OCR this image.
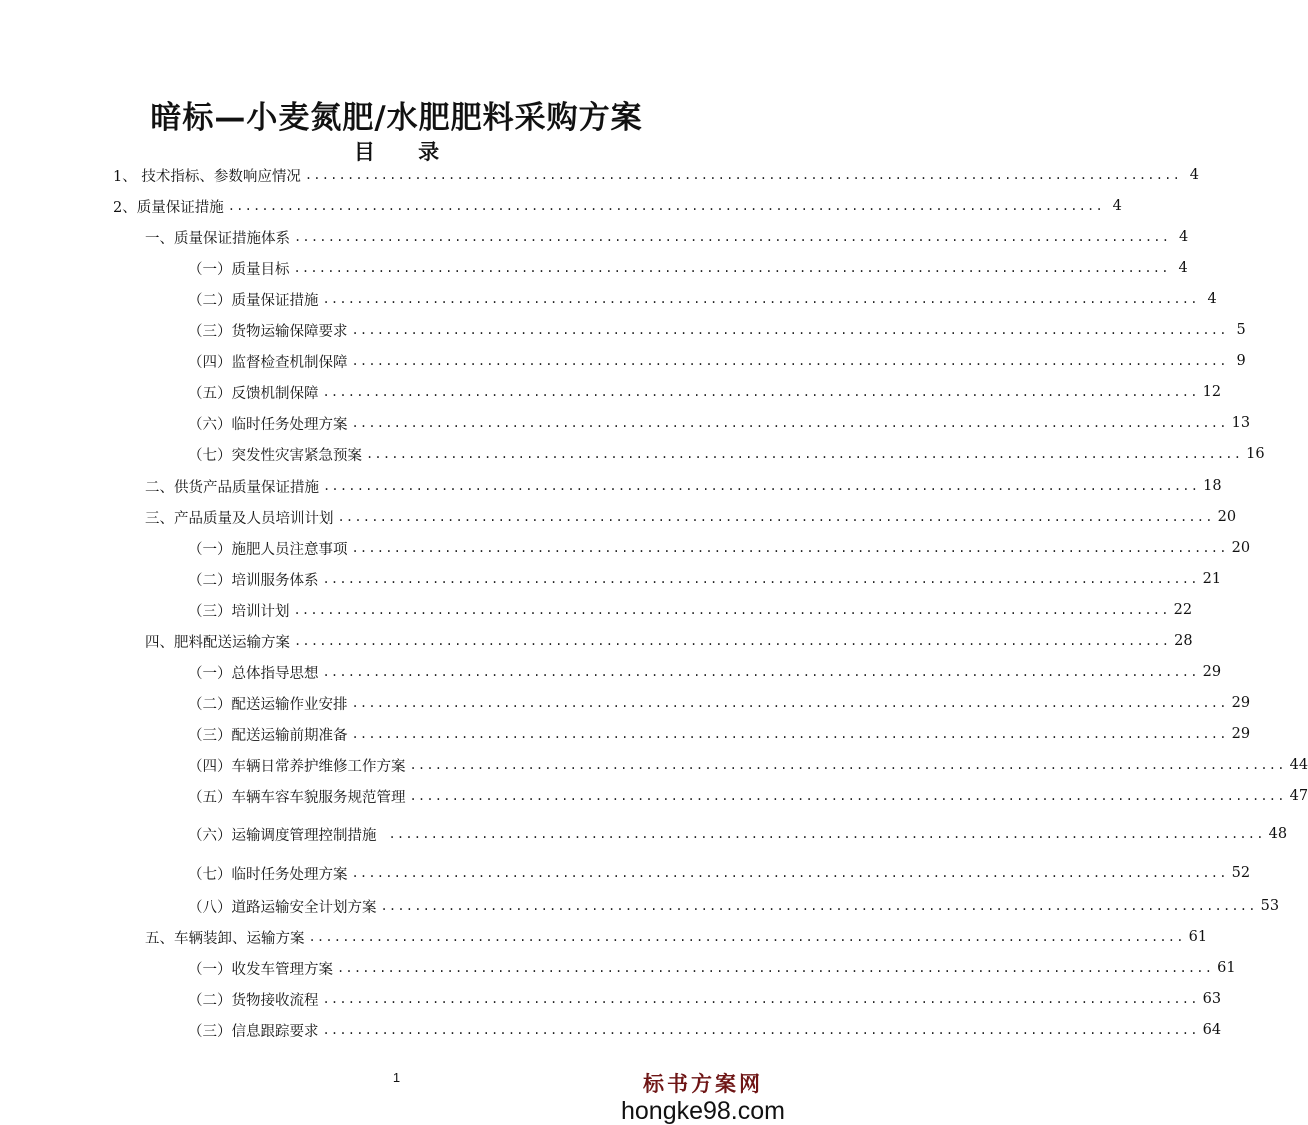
暗标—小麦氮肥/水肥肥料采购方案
目 录
1、 技术指标、参数响应情况 ........................................................................................................ 4
2、质量保证措施 ........................................................................................................ 4
一、质量保证措施体系 ........................................................................................................ 4
（一）质量目标 ........................................................................................................ 4
（二）质量保证措施 ........................................................................................................ 4
（三）货物运输保障要求 ........................................................................................................ 5
（四）监督检查机制保障 ........................................................................................................ 9
（五）反馈机制保障 ........................................................................................................ 12
（六）临时任务处理方案 ........................................................................................................ 13
（七）突发性灾害紧急预案 ........................................................................................................ 16
二、供货产品质量保证措施 ........................................................................................................ 18
三、产品质量及人员培训计划 ........................................................................................................ 20
（一）施肥人员注意事项 ........................................................................................................ 20
（二）培训服务体系 ........................................................................................................ 21
（三）培训计划 ........................................................................................................ 22
四、肥料配送运输方案 ........................................................................................................ 28
（一）总体指导思想 ........................................................................................................ 29
（二）配送运输作业安排 ........................................................................................................ 29
（三）配送运输前期准备 ........................................................................................................ 29
（四）车辆日常养护维修工作方案 ........................................................................................................ 44
（五）车辆车容车貌服务规范管理 ........................................................................................................ 47
（六）运输调度管理控制措施	........................................................................................................ 48
（七）临时任务处理方案 ........................................................................................................ 52
（八）道路运输安全计划方案 ........................................................................................................ 53
五、车辆装卸、运输方案 ........................................................................................................ 61
（一）收发车管理方案 ........................................................................................................ 61
（二）货物接收流程 ........................................................................................................ 63
（三）信息跟踪要求 ........................................................................................................ 64
1	标书方案网
hongke98.com
